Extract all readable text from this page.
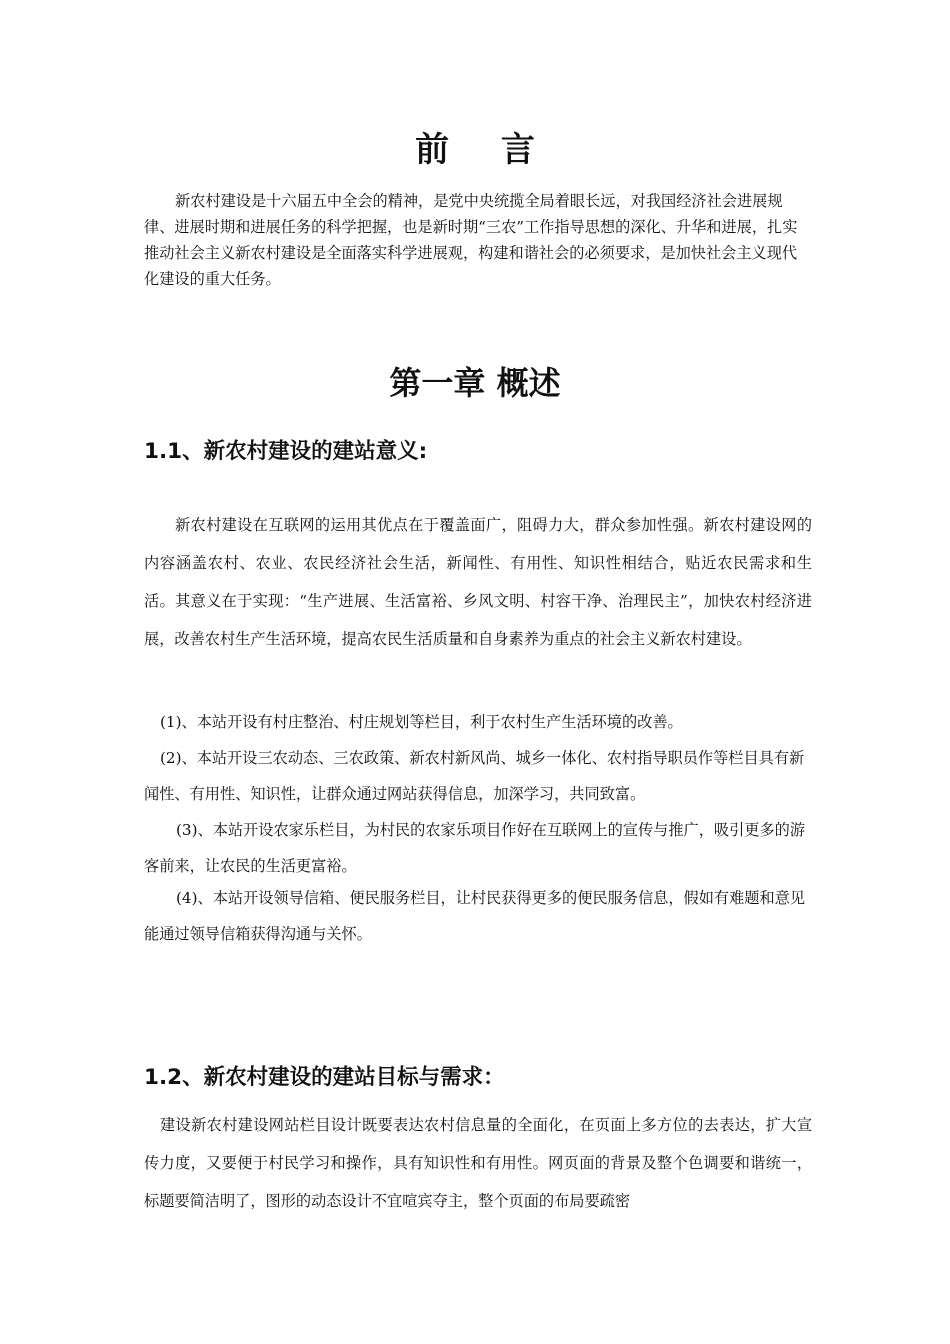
前 言

新农村建设是十六届五中全会的精神，是党中央统揽全局着眼长远，对我国经济社会进展规律、进展时期和进展任务的科学把握，也是新时期“三农”工作指导思想的深化、升华和进展，扎实推动社会主义新农村建设是全面落实科学进展观，构建和谐社会的必须要求，是加快社会主义现代化建设的重大任务。

第一章 概述
1.1、新农村建设的建站意义:

新农村建设在互联网的运用其优点在于覆盖面广，阻碍力大，群众参加性强。新农村建设网的内容涵盖农村、农业、农民经济社会生活，新闻性、有用性、知识性相结合，贴近农民需求和生活。其意义在于实现：“生产进展、生活富裕、乡风文明、村容干净、治理民主”，加快农村经济进展，改善农村生产生活环境，提高农民生活质量和自身素养为重点的社会主义新农村建设。

(1)、本站开设有村庄整治、村庄规划等栏目，利于农村生产生活环境的改善。

(2)、本站开设三农动态、三农政策、新农村新风尚、城乡一体化、农村指导职员作等栏目具有新闻性、有用性、知识性，让群众通过网站获得信息，加深学习，共同致富。

(3)、本站开设农家乐栏目，为村民的农家乐项目作好在互联网上的宣传与推广，吸引更多的游客前来，让农民的生活更富裕。

(4)、本站开设领导信箱、便民服务栏目，让村民获得更多的便民服务信息，假如有难题和意见能通过领导信箱获得沟通与关怀。

1.2、新农村建设的建站目标与需求：

建设新农村建设网站栏目设计既要表达农村信息量的全面化，在页面上多方位的去表达，扩大宣传力度，又要便于村民学习和操作，具有知识性和有用性。网页面的背景及整个色调要和谐统一，标题要简洁明了，图形的动态设计不宜喧宾夺主，整个页面的布局要疏密
